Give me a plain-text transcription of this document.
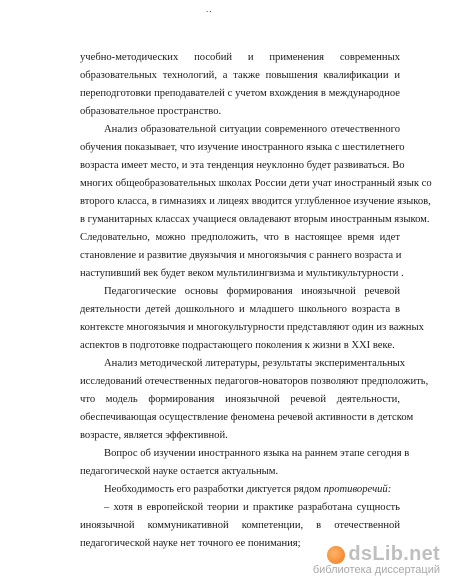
..
учебно-методических пособий и применения современных
образовательных технологий, а также повышения квалификации и
переподготовки преподавателей с учетом вхождения в международное
образовательное пространство.
Анализ образовательной ситуации современного отечественного
обучения показывает, что изучение иностранного языка с шестилетнего
возраста имеет место, и эта тенденция неуклонно будет развиваться. Во
многих общеобразовательных школах России дети учат иностранный язык со
второго класса, в гимназиях и лицеях вводится углубленное изучение языков,
в гуманитарных классах учащиеся овладевают вторым иностранным языком.
Следовательно, можно предположить, что в настоящее время идет
становление и развитие двуязычия и многоязычия с раннего возраста и
наступивший век будет веком мультилингвизма и мультикультурности .
Педагогические основы формирования иноязычной речевой
деятельности детей дошкольного и младшего школьного возраста в
контексте многоязычия и многокультурности представляют один из важных
аспектов в подготовке подрастающего поколения к жизни в XXI веке.
Анализ методической литературы, результаты экспериментальных
исследований отечественных педагогов-новаторов позволяют предположить,
что модель формирования иноязычной речевой деятельности,
обеспечивающая осуществление феномена речевой активности в детском
возрасте, является эффективной.
Вопрос об изучении иностранного языка на раннем этапе сегодня в
педагогической науке остается актуальным.
Необходимость его разработки диктуется рядом противоречий:
– хотя в европейской теории и практике разработана сущность
иноязычной коммуникативной компетенции, в отечественной
педагогической науке нет точного ее понимания;	dsLib.net
библиотека диссертаций
